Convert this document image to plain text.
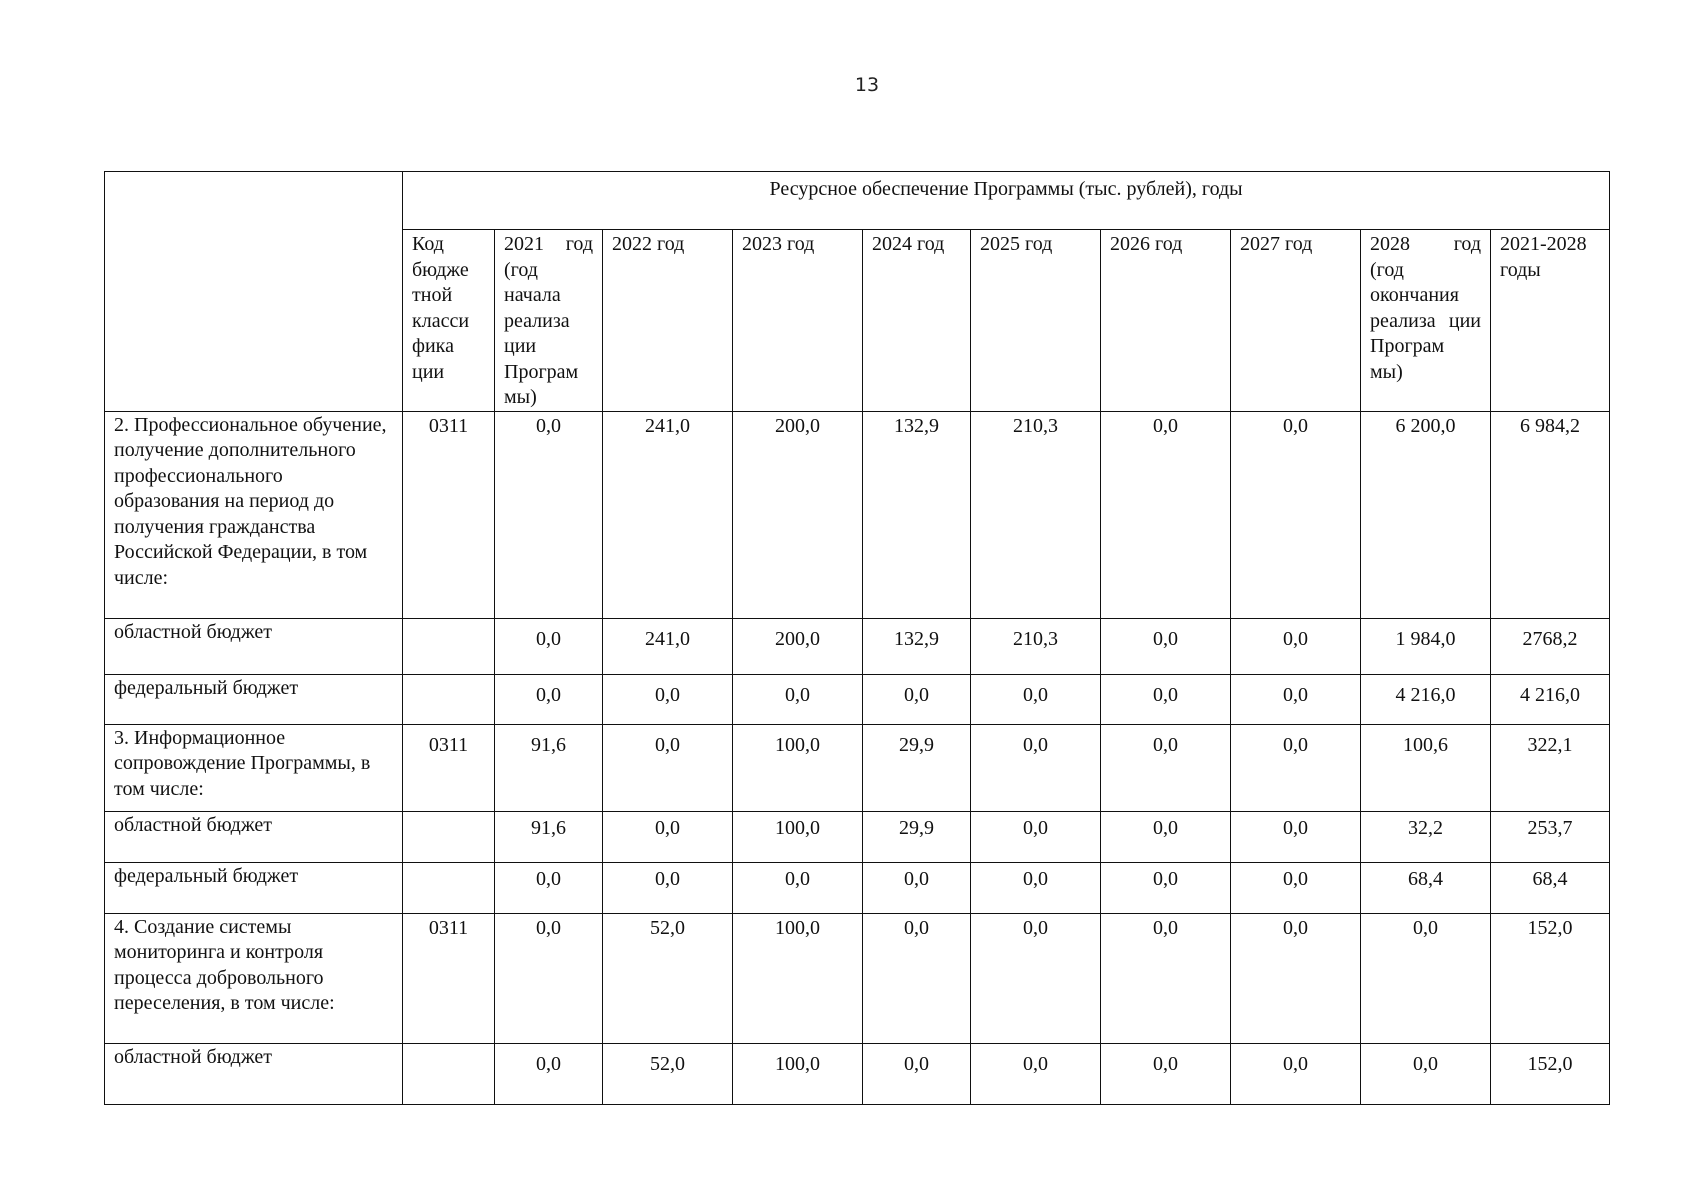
13
	Ресурсное обеспечение Программы (тыс. рублей), годы									
	Код бюдже тной класси фика ции	2021 год (год начала реализа ции Програм мы)	2022 год	2023 год	2024 год	2025 год	2026 год	2027 год	2028 год (год окончания реализа ции Програм мы)	2021-2028 годы
2. Профессиональное обучение, получение дополнительного профессионального образования на период до получения гражданства Российской Федерации, в том числе:	0311	0,0	241,0	200,0	132,9	210,3	0,0	0,0	6 200,0	6 984,2
областной бюджет		0,0	241,0	200,0	132,9	210,3	0,0	0,0	1 984,0	2768,2
федеральный бюджет		0,0	0,0	0,0	0,0	0,0	0,0	0,0	4 216,0	4 216,0
3. Информационное сопровождение Программы, в том числе:	0311	91,6	0,0	100,0	29,9	0,0	0,0	0,0	100,6	322,1
областной бюджет		91,6	0,0	100,0	29,9	0,0	0,0	0,0	32,2	253,7
федеральный бюджет		0,0	0,0	0,0	0,0	0,0	0,0	0,0	68,4	68,4
4. Создание системы мониторинга и контроля процесса добровольного переселения, в том числе:	0311	0,0	52,0	100,0	0,0	0,0	0,0	0,0	0,0	152,0
областной бюджет		0,0	52,0	100,0	0,0	0,0	0,0	0,0	0,0	152,0
